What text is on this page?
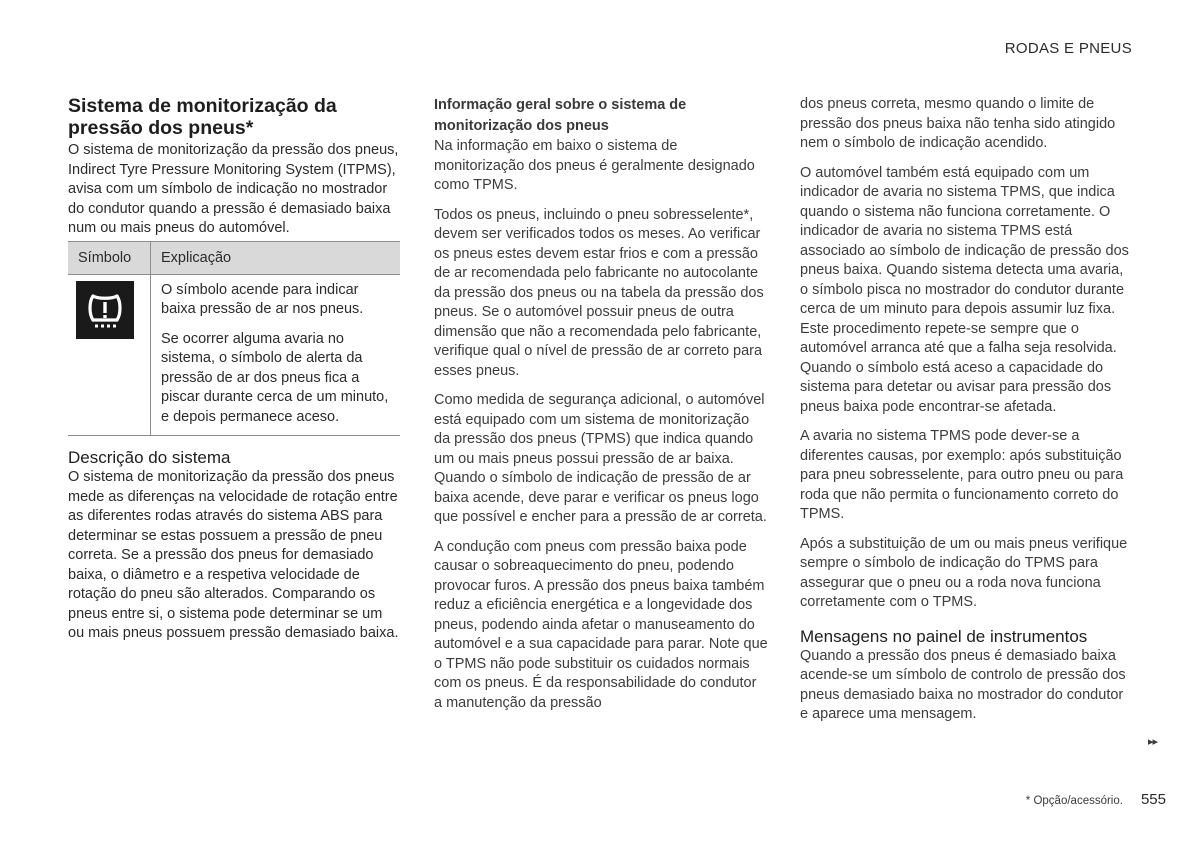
RODAS E PNEUS
Sistema de monitorização da pressão dos pneus*

O sistema de monitorização da pressão dos pneus, Indirect Tyre Pressure Monitoring System (ITPMS), avisa com um símbolo de indicação no mostrador do condutor quando a pressão é demasiado baixa num ou mais pneus do automóvel.

Símbolo	Explicação

O símbolo acende para indicar baixa pressão de ar nos pneus.

Se ocorrer alguma avaria no sistema, o símbolo de alerta da pressão de ar dos pneus fica a piscar durante cerca de um minuto, e depois permanece aceso.

Descrição do sistema

O sistema de monitorização da pressão dos pneus mede as diferenças na velocidade de rotação entre as diferentes rodas através do sistema ABS para determinar se estas possuem a pressão de pneu correta. Se a pressão dos pneus for demasiado baixa, o diâmetro e a respetiva velocidade de rotação do pneu são alterados. Comparando os pneus entre si, o sistema pode determinar se um ou mais pneus possuem pressão demasiado baixa.

Informação geral sobre o sistema de monitorização dos pneus

Na informação em baixo o sistema de monitorização dos pneus é geralmente designado como TPMS.

Todos os pneus, incluindo o pneu sobresselente*, devem ser verificados todos os meses. Ao verificar os pneus estes devem estar frios e com a pressão de ar recomendada pelo fabricante no autocolante da pressão dos pneus ou na tabela da pressão dos pneus. Se o automóvel possuir pneus de outra dimensão que não a recomendada pelo fabricante, verifique qual o nível de pressão de ar correto para esses pneus.

Como medida de segurança adicional, o automóvel está equipado com um sistema de monitorização da pressão dos pneus (TPMS) que indica quando um ou mais pneus possui pressão de ar baixa. Quando o símbolo de indicação de pressão de ar baixa acende, deve parar e verificar os pneus logo que possível e encher para a pressão de ar correta.

A condução com pneus com pressão baixa pode causar o sobreaquecimento do pneu, podendo provocar furos. A pressão dos pneus baixa também reduz a eficiência energética e a longevidade dos pneus, podendo ainda afetar o manuseamento do automóvel e a sua capacidade para parar. Note que o TPMS não pode substituir os cuidados normais com os pneus. É da responsabilidade do condutor a manutenção da pressão

dos pneus correta, mesmo quando o limite de pressão dos pneus baixa não tenha sido atingido nem o símbolo de indicação acendido.

O automóvel também está equipado com um indicador de avaria no sistema TPMS, que indica quando o sistema não funciona corretamente. O indicador de avaria no sistema TPMS está associado ao símbolo de indicação de pressão dos pneus baixa. Quando sistema detecta uma avaria, o símbolo pisca no mostrador do condutor durante cerca de um minuto para depois assumir luz fixa. Este procedimento repete-se sempre que o automóvel arranca até que a falha seja resolvida. Quando o símbolo está aceso a capacidade do sistema para detetar ou avisar para pressão dos pneus baixa pode encontrar-se afetada.

A avaria no sistema TPMS pode dever-se a diferentes causas, por exemplo: após substituição para pneu sobresselente, para outro pneu ou para roda que não permita o funcionamento correto do TPMS.

Após a substituição de um ou mais pneus verifique sempre o símbolo de indicação do TPMS para assegurar que o pneu ou a roda nova funciona corretamente com o TPMS.

Mensagens no painel de instrumentos

Quando a pressão dos pneus é demasiado baixa acende-se um símbolo de controlo de pressão dos pneus demasiado baixa no mostrador do condutor e aparece uma mensagem.

▸▸
* Opção/acessório. 555
